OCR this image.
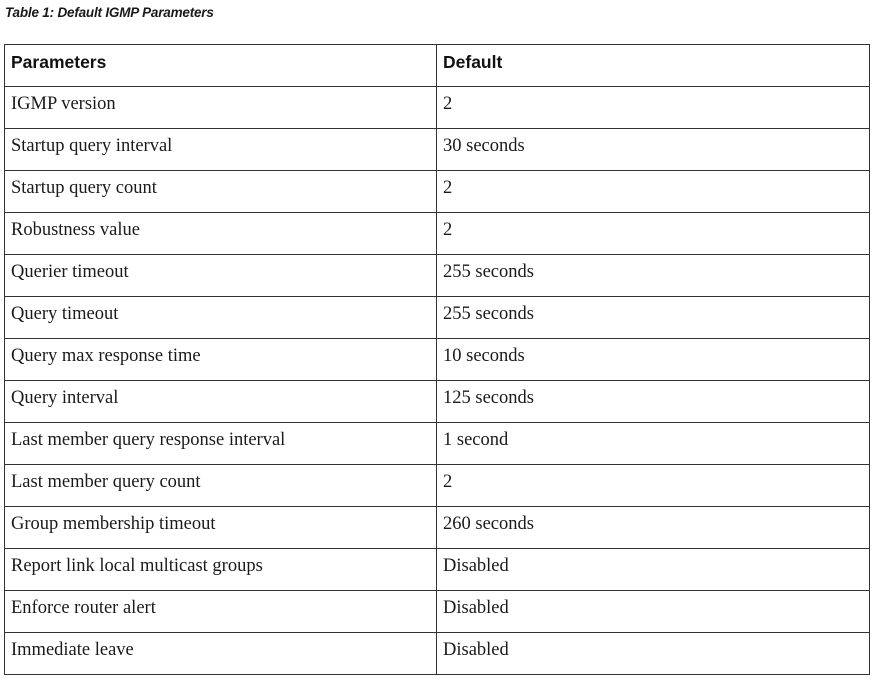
Table 1: Default IGMP Parameters
Parameters	Default
IGMP version	2
Startup query interval	30 seconds
Startup query count	2
Robustness value	2
Querier timeout	255 seconds
Query timeout	255 seconds
Query max response time	10 seconds
Query interval	125 seconds
Last member query response interval	1 second
Last member query count	2
Group membership timeout	260 seconds
Report link local multicast groups	Disabled
Enforce router alert	Disabled
Immediate leave	Disabled
